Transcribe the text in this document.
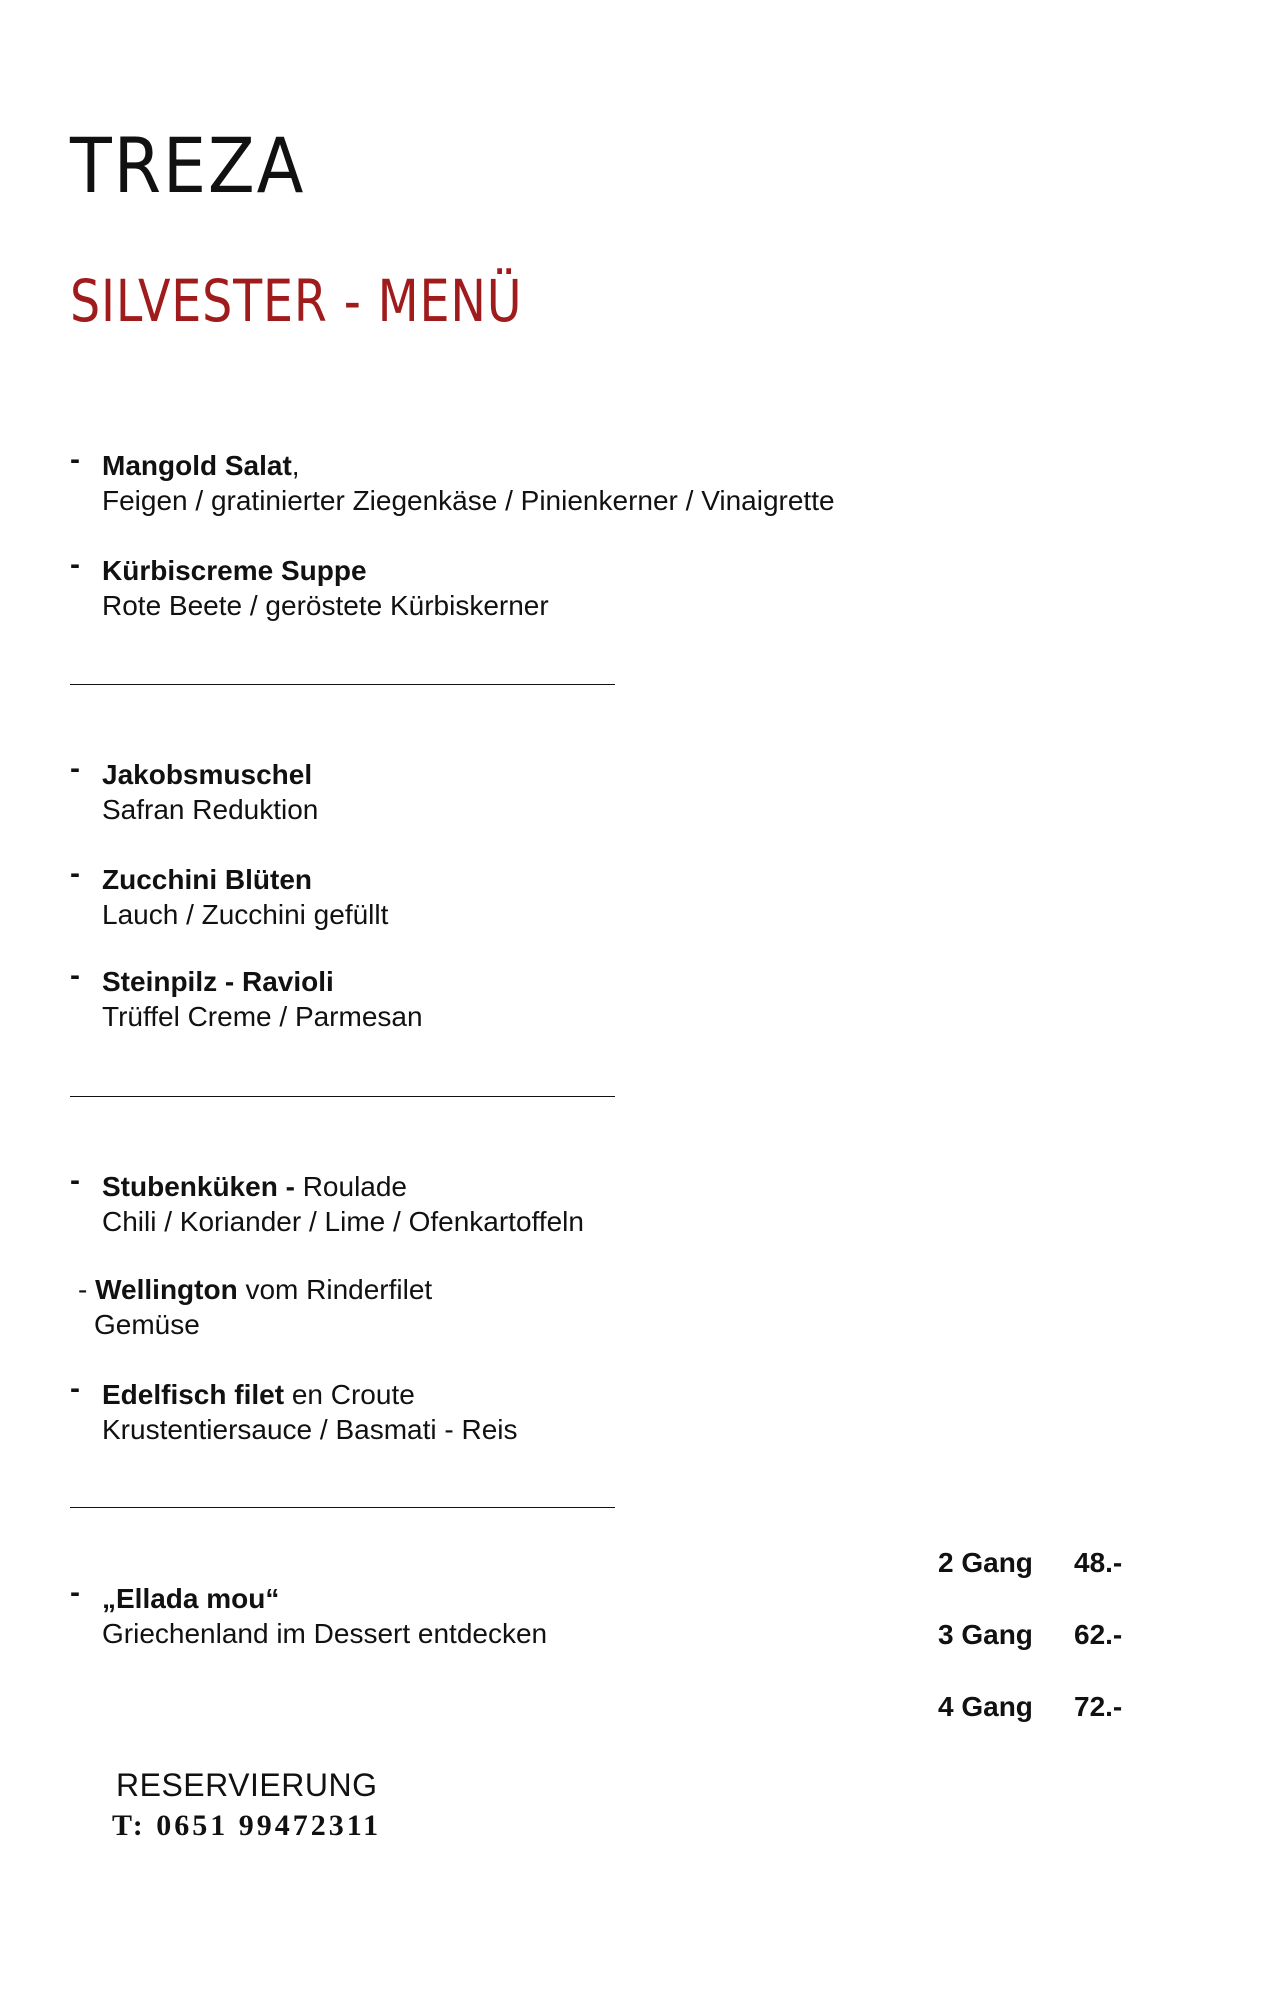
TREZA
SILVESTER - MENÜ
- Mangold Salat,
Feigen / gratinierter Ziegenkäse / Pinienkerner / Vinaigrette
- Kürbiscreme Suppe
Rote Beete / geröstete Kürbiskerner
- Jakobsmuschel
Safran Reduktion
- Zucchini Blüten
Lauch / Zucchini gefüllt
- Steinpilz - Ravioli
Trüffel Creme / Parmesan
- Stubenküken - Roulade
Chili / Koriander / Lime / Ofenkartoffeln
- Wellington vom Rinderfilet
Gemüse
- Edelfisch filet en Croute
Krustentiersauce / Basmati - Reis
- „Ellada mou“
Griechenland im Dessert entdecken
2 Gang 48.-
3 Gang 62.-
4 Gang 72.-
RESERVIERUNG
T: 0651 99472311
